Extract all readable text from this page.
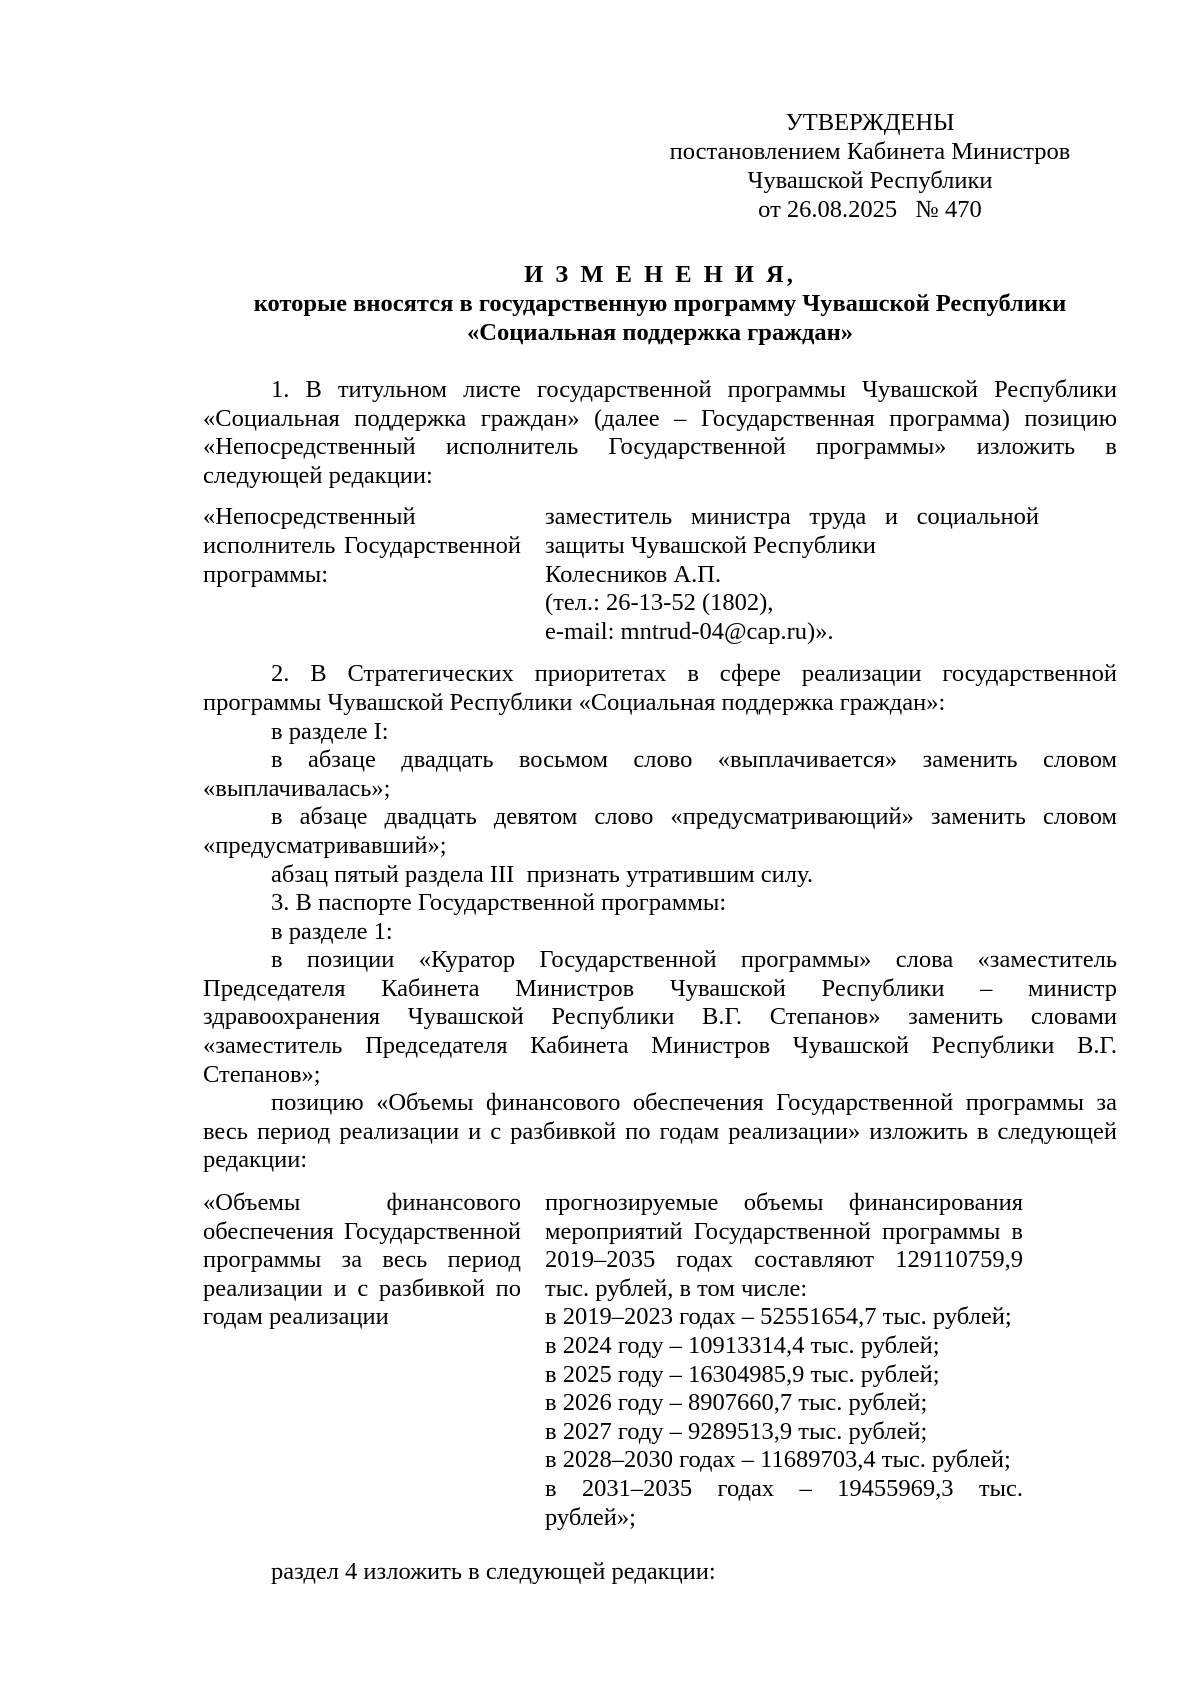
УТВЕРЖДЕНЫ
постановлением Кабинета Министров
Чувашской Республики
от 26.08.2025   № 470
И З М Е Н Е Н И Я,
которые вносятся в государственную программу Чувашской Республики
«Социальная поддержка граждан»

1. В титульном листе государственной программы Чувашской Республики «Социальная поддержка граждан» (далее – Государственная программа) позицию «Непосредственный исполнитель Государственной программы» изложить в следующей редакции:

«Непосредственный исполнитель Государственной программы:
заместитель министра труда и социальной защиты Чувашской Республики
Колесников А.П.
(тел.: 26-13-52 (1802),
e-mail: mntrud-04@cap.ru)».

2. В Стратегических приоритетах в сфере реализации государственной программы Чувашской Республики «Социальная поддержка граждан»:

в разделе I:

в абзаце двадцать восьмом слово «выплачивается» заменить словом «выплачивалась»;

в абзаце двадцать девятом слово «предусматривающий» заменить словом «предусматривавший»;

абзац пятый раздела III  признать утратившим силу.

3. В паспорте Государственной программы:

в разделе 1:

в позиции «Куратор Государственной программы» слова «заместитель Председателя Кабинета Министров Чувашской Республики – министр здравоохранения Чувашской Республики В.Г. Степанов» заменить словами «заместитель Председателя Кабинета Министров Чувашской Республики В.Г. Степанов»;

позицию «Объемы финансового обеспечения Государственной программы за весь период реализации и с разбивкой по годам реализации» изложить в следующей редакции:

«Объемы финансового обеспечения Государственной программы за весь период реализации и с разбивкой по годам реализации
прогнозируемые объемы финансирования мероприятий Государственной программы в 2019–2035 годах составляют 129110759,9 тыс. рублей, в том числе:
в 2019–2023 годах – 52551654,7 тыс. рублей;
в 2024 году – 10913314,4 тыс. рублей;
в 2025 году – 16304985,9 тыс. рублей;
в 2026 году – 8907660,7 тыс. рублей;
в 2027 году – 9289513,9 тыс. рублей;
в 2028–2030 годах – 11689703,4 тыс. рублей;
в 2031–2035 годах – 19455969,3 тыс. рублей»;

раздел 4 изложить в следующей редакции:
